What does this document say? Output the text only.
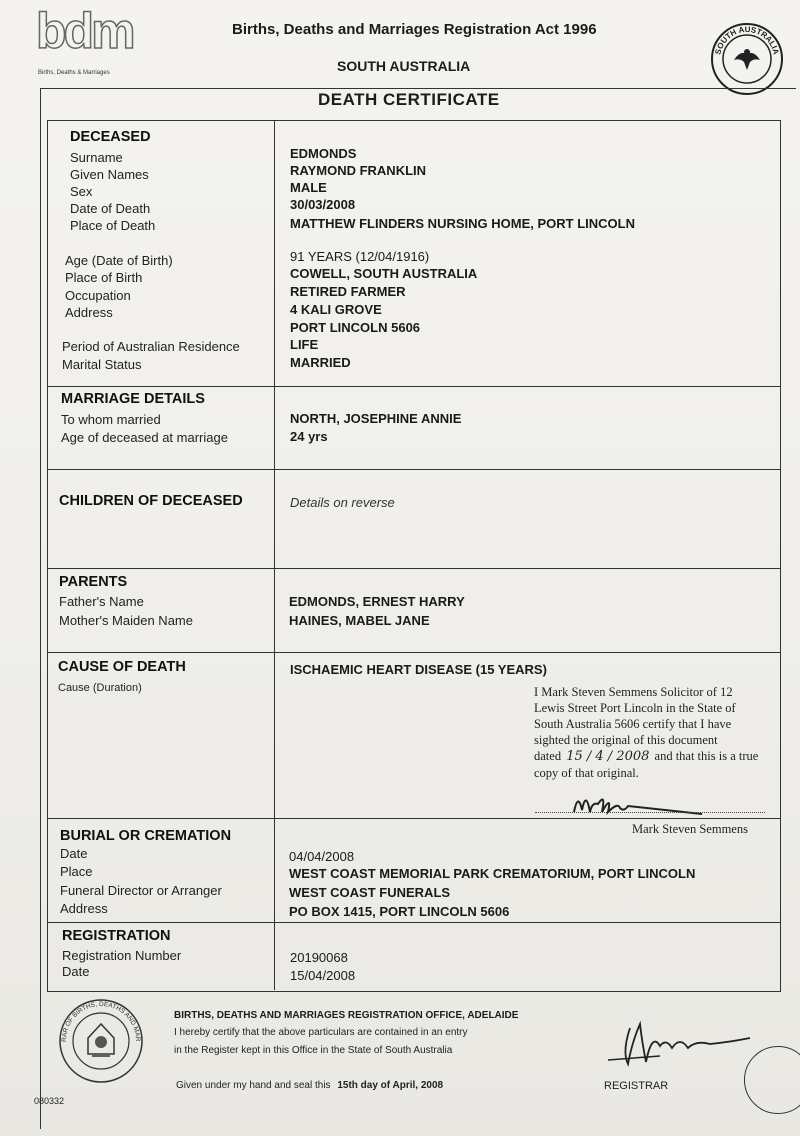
bdm
Births, Deaths & Marriages
Births, Deaths and Marriages Registration Act 1996
SOUTH AUSTRALIA
DEATH CERTIFICATE
SOUTH AUSTRALIA
DECEASED
Surname	EDMONDS
Given Names	RAYMOND FRANKLIN
Sex	MALE
Date of Death	30/03/2008
Place of Death	MATTHEW FLINDERS NURSING HOME, PORT LINCOLN
Age (Date of Birth)	91 YEARS (12/04/1916)
Place of Birth	COWELL, SOUTH AUSTRALIA
Occupation	RETIRED FARMER
Address	4 KALI GROVE
PORT LINCOLN 5606
Period of Australian Residence	LIFE
Marital Status	MARRIED
MARRIAGE DETAILS
To whom married	NORTH, JOSEPHINE ANNIE
Age of deceased at marriage	24 yrs
CHILDREN OF DECEASED	Details on reverse
PARENTS
Father's Name	EDMONDS, ERNEST HARRY
Mother's Maiden Name	HAINES, MABEL JANE
CAUSE OF DEATH
Cause (Duration)
ISCHAEMIC HEART DISEASE (15 YEARS)
I Mark Steven Semmens Solicitor of 12 Lewis Street Port Lincoln in the State of South Australia 5606 certify that I have sighted the original of this document
dated 15 / 4 / 2008 and that this is a true copy of that original.
Mark Steven Semmens
BURIAL OR CREMATION
Date	04/04/2008
Place	WEST COAST MEMORIAL PARK CREMATORIUM, PORT LINCOLN
Funeral Director or Arranger	WEST COAST FUNERALS
Address	PO BOX 1415, PORT LINCOLN 5606
REGISTRATION
Registration Number	20190068
Date	15/04/2008
RAR OF BIRTHS, DEATHS AND MAR
BIRTHS, DEATHS AND MARRIAGES REGISTRATION OFFICE, ADELAIDE
I hereby certify that the above particulars are contained in an entry
in the Register kept in this Office in the State of South Australia
Given under my hand and seal this 15th day of April, 2008	REGISTRAR
080332
